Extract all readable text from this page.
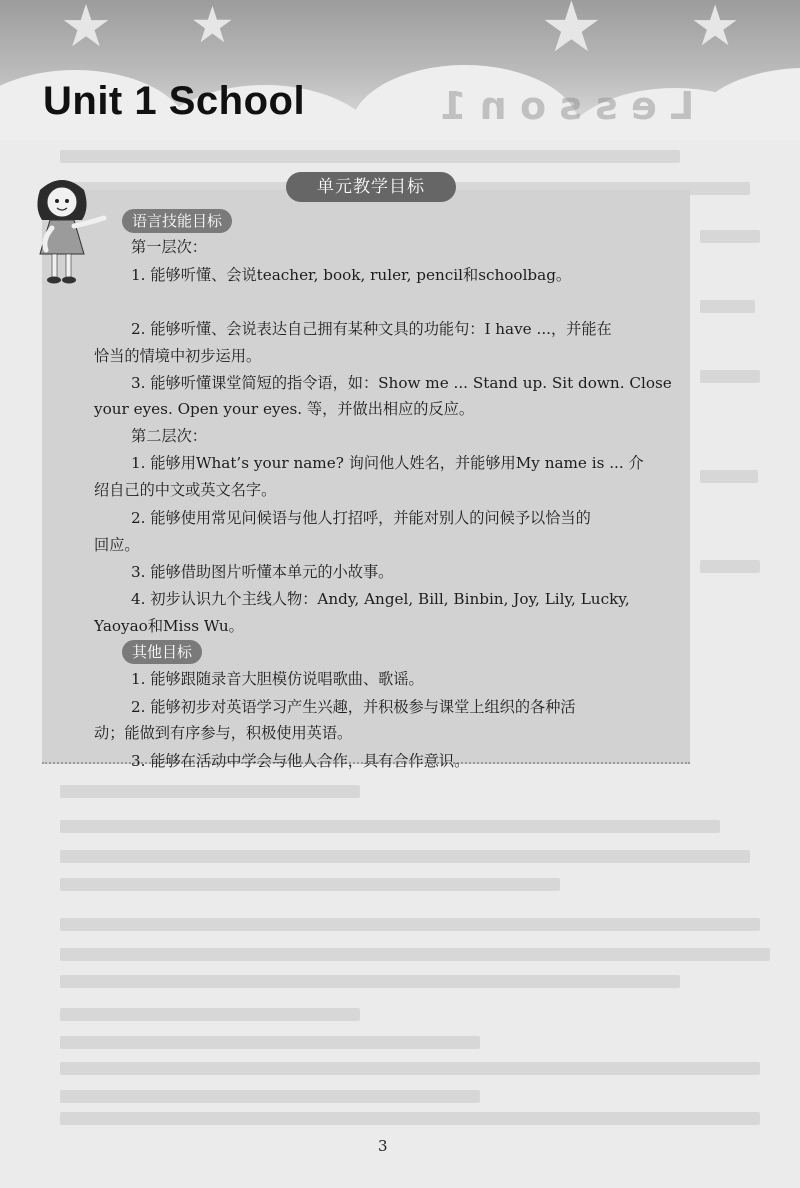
★ ★	★ ★
L e s s o n 1
Unit 1 School
单元教学目标
语言技能目标
第一层次：
1. 能够听懂、会说teacher, book, ruler, pencil和schoolbag。
2. 能够听懂、会说表达自己拥有某种文具的功能句：I have ...，并能在
恰当的情境中初步运用。
3. 能够听懂课堂简短的指令语，如：Show me ... Stand up. Sit down. Close
your eyes. Open your eyes. 等，并做出相应的反应。
第二层次：
1. 能够用What’s your name? 询问他人姓名，并能够用My name is ... 介
绍自己的中文或英文名字。
2. 能够使用常见问候语与他人打招呼，并能对别人的问候予以恰当的
回应。
3. 能够借助图片听懂本单元的小故事。
4. 初步认识九个主线人物：Andy, Angel, Bill, Binbin, Joy, Lily, Lucky,
Yaoyao和Miss Wu。
其他目标
1. 能够跟随录音大胆模仿说唱歌曲、歌谣。
2. 能够初步对英语学习产生兴趣，并积极参与课堂上组织的各种活
动；能做到有序参与，积极使用英语。
3. 能够在活动中学会与他人合作，具有合作意识。
3
